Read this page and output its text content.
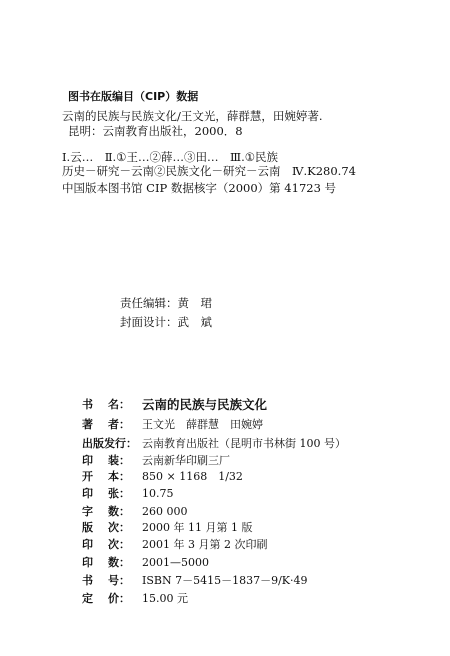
图书在版编目（CIP）数据
云南的民族与民族文化/王文光，薛群慧，田婉婷著.
昆明：云南教育出版社，2000．8
Ⅰ.云…　Ⅱ.①王…②薛…③田…　Ⅲ.①民族
历史－研究－云南②民族文化－研究－云南　Ⅳ.K280.74
中国版本图书馆 CIP 数据核字（2000）第 41723 号
责任编辑：黄　珺
封面设计：武　斌
书 名： 云南的民族与民族文化
著 者： 王文光　薛群慧　田婉婷
出版发行： 云南教育出版社（昆明市书林街 100 号）
印 装： 云南新华印刷三厂
开 本： 850 × 1168　1/32
印 张： 10.75
字 数： 260 000
版 次： 2000 年 11 月第 1 版
印 次： 2001 年 3 月第 2 次印刷
印 数： 2001—5000
书 号： ISBN 7－5415－1837－9/K·49
定 价： 15.00 元
